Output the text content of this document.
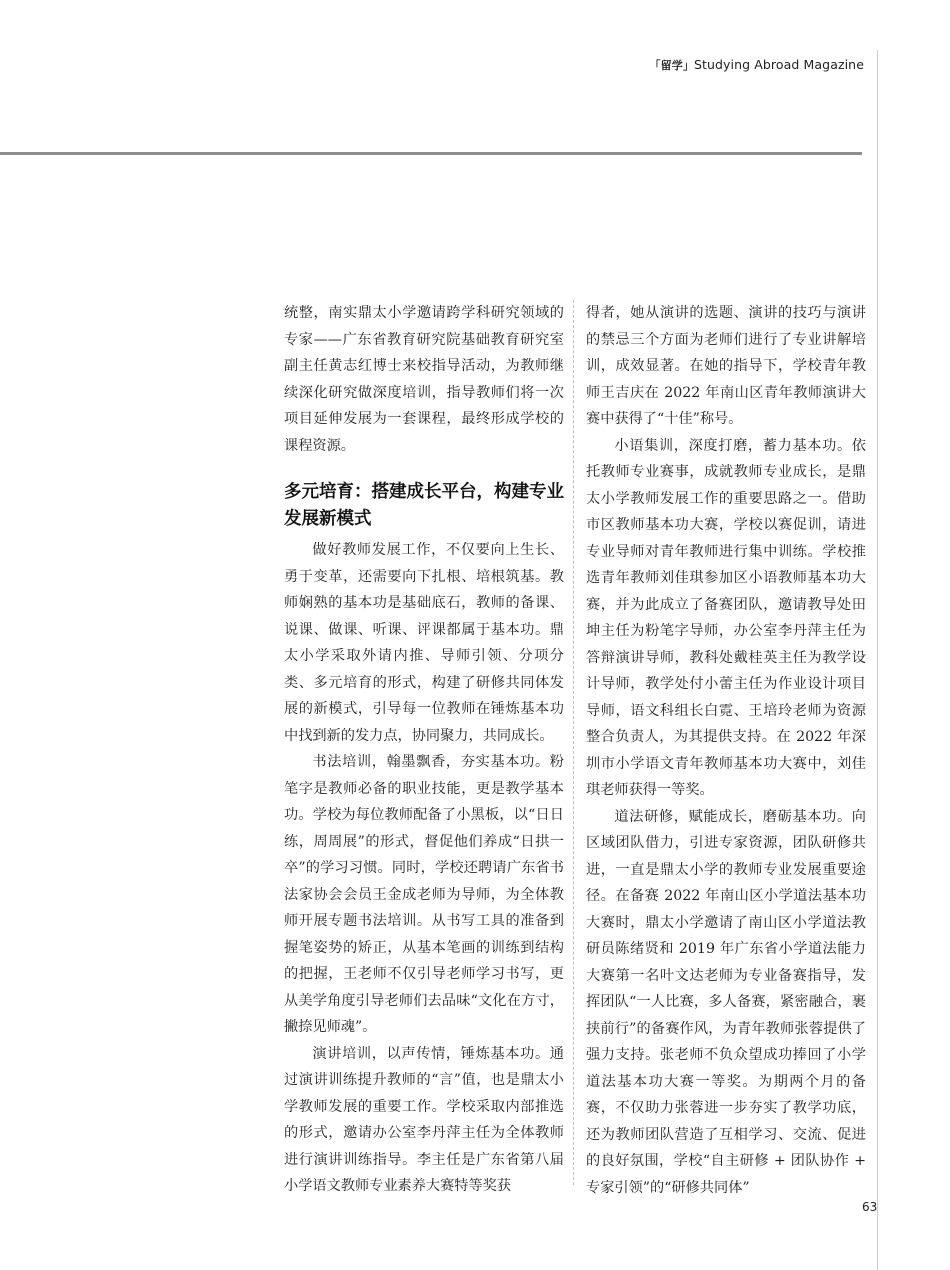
「留学」Studying Abroad Magazine

统整，南实鼎太小学邀请跨学科研究领域的专家——广东省教育研究院基础教育研究室副主任黄志红博士来校指导活动，为教师继续深化研究做深度培训，指导教师们将一次项目延伸发展为一套课程，最终形成学校的课程资源。

多元培育：搭建成长平台，构建专业发展新模式

做好教师发展工作，不仅要向上生长、勇于变革，还需要向下扎根、培根筑基。教师娴熟的基本功是基础底石，教师的备课、说课、做课、听课、评课都属于基本功。鼎太小学采取外请内推、导师引领、分项分类、多元培育的形式，构建了研修共同体发展的新模式，引导每一位教师在锤炼基本功中找到新的发力点，协同聚力，共同成长。

书法培训，翰墨飘香，夯实基本功。粉笔字是教师必备的职业技能，更是教学基本功。学校为每位教师配备了小黑板，以“日日练，周周展”的形式，督促他们养成“日拱一卒”的学习习惯。同时，学校还聘请广东省书法家协会会员王金成老师为导师，为全体教师开展专题书法培训。从书写工具的准备到握笔姿势的矫正，从基本笔画的训练到结构的把握，王老师不仅引导老师学习书写，更从美学角度引导老师们去品味“文化在方寸，撇捺见师魂”。

演讲培训，以声传情，锤炼基本功。通过演讲训练提升教师的“言”值，也是鼎太小学教师发展的重要工作。学校采取内部推选的形式，邀请办公室李丹萍主任为全体教师进行演讲训练指导。李主任是广东省第八届小学语文教师专业素养大赛特等奖获

得者，她从演讲的选题、演讲的技巧与演讲的禁忌三个方面为老师们进行了专业讲解培训，成效显著。在她的指导下，学校青年教师王吉庆在 2022 年南山区青年教师演讲大赛中获得了“十佳”称号。

小语集训，深度打磨，蓄力基本功。依托教师专业赛事，成就教师专业成长，是鼎太小学教师发展工作的重要思路之一。借助市区教师基本功大赛，学校以赛促训，请进专业导师对青年教师进行集中训练。学校推选青年教师刘佳琪参加区小语教师基本功大赛，并为此成立了备赛团队，邀请教导处田坤主任为粉笔字导师，办公室李丹萍主任为答辩演讲导师，教科处戴桂英主任为教学设计导师，教学处付小蕾主任为作业设计项目导师，语文科组长白霓、王培玲老师为资源整合负责人，为其提供支持。在 2022 年深圳市小学语文青年教师基本功大赛中，刘佳琪老师获得一等奖。

道法研修，赋能成长，磨砺基本功。向区域团队借力，引进专家资源，团队研修共进，一直是鼎太小学的教师专业发展重要途径。在备赛 2022 年南山区小学道法基本功大赛时，鼎太小学邀请了南山区小学道法教研员陈绪贤和 2019 年广东省小学道法能力大赛第一名叶文达老师为专业备赛指导，发挥团队“一人比赛，多人备赛，紧密融合，裹挟前行”的备赛作风，为青年教师张蓉提供了强力支持。张老师不负众望成功捧回了小学道法基本功大赛一等奖。为期两个月的备赛，不仅助力张蓉进一步夯实了教学功底，还为教师团队营造了互相学习、交流、促进的良好氛围，学校“自主研修 + 团队协作 + 专家引领”的“研修共同体”

63
